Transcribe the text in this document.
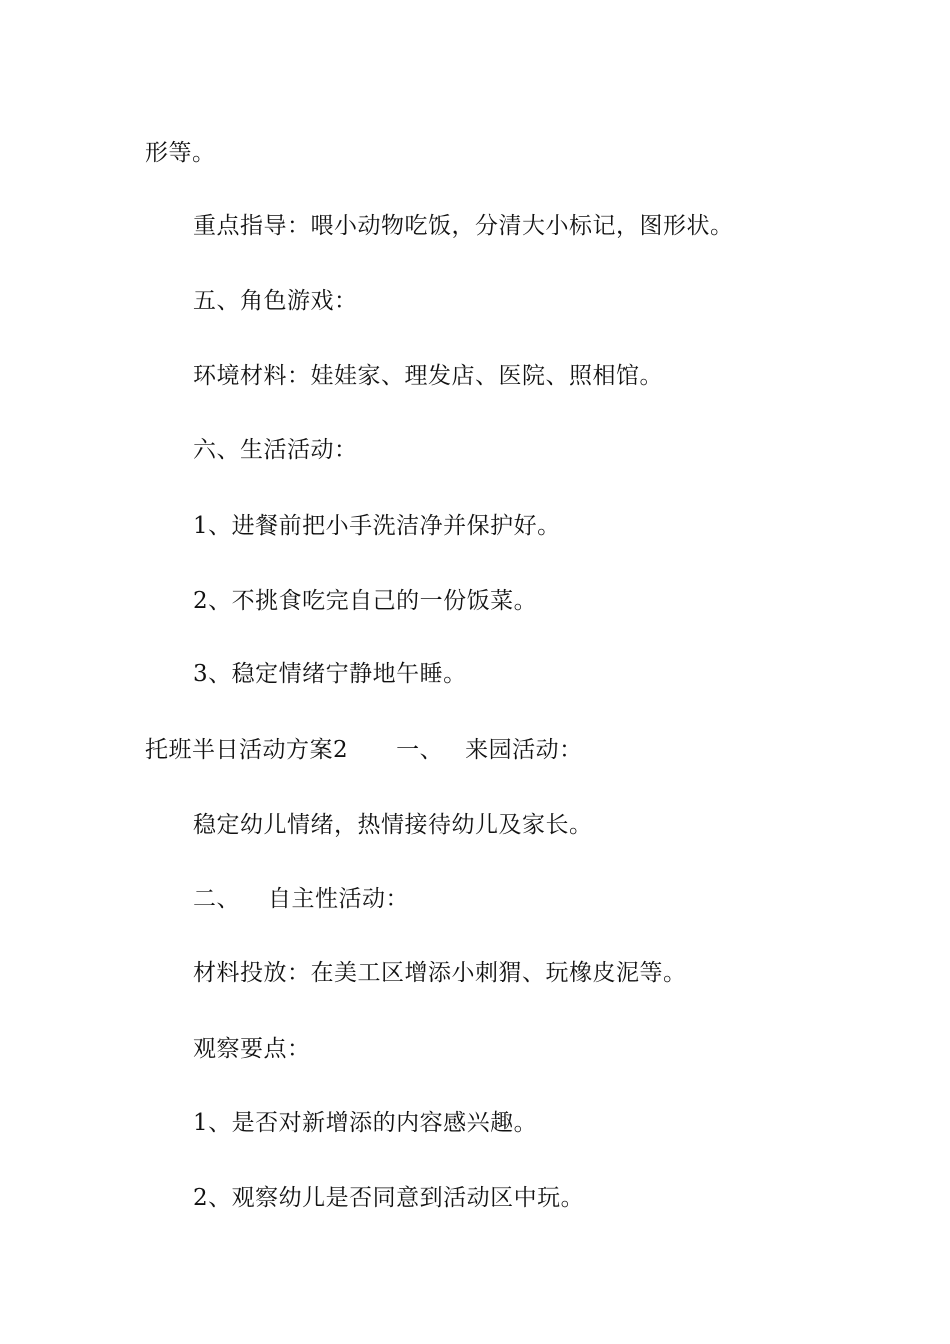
形等。
重点指导：喂小动物吃饭，分清大小标记，图形状。
五、角色游戏：
环境材料：娃娃家、理发店、医院、照相馆。
六、生活活动：
1、进餐前把小手洗洁净并保护好。
2、不挑食吃完自己的一份饭菜。
3、稳定情绪宁静地午睡。
托班半日活动方案2 一、 来园活动：
稳定幼儿情绪，热情接待幼儿及家长。
二、 自主性活动：
材料投放：在美工区增添小刺猬、玩橡皮泥等。
观察要点：
1、是否对新增添的内容感兴趣。
2、观察幼儿是否同意到活动区中玩。
